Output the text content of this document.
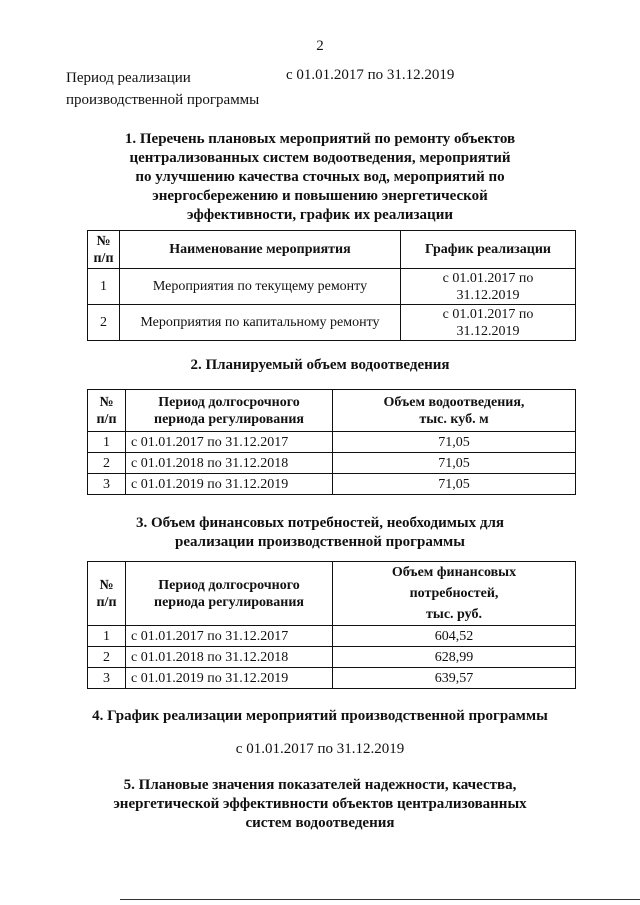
2
Период реализации
производственной программы
с 01.01.2017 по 31.12.2019
1. Перечень плановых мероприятий по ремонту объектов
централизованных систем водоотведения, мероприятий
по улучшению качества сточных вод, мероприятий по
энергосбережению и повышению энергетической
эффективности, график их реализации
№
п/п	Наименование мероприятия	График реализации
1	Мероприятия по текущему ремонту	с 01.01.2017 по
31.12.2019
2	Мероприятия по капитальному ремонту	с 01.01.2017 по
31.12.2019
2. Планируемый объем водоотведения
№
п/п	Период долгосрочного
периода регулирования	Объем водоотведения,
тыс. куб. м
1	с 01.01.2017 по 31.12.2017	71,05
2	с 01.01.2018 по 31.12.2018	71,05
3	с 01.01.2019 по 31.12.2019	71,05
3. Объем финансовых потребностей, необходимых для
реализации производственной программы
№
п/п	Период долгосрочного
периода регулирования	Объем финансовых
потребностей,
тыс. руб.
1	с 01.01.2017 по 31.12.2017	604,52
2	с 01.01.2018 по 31.12.2018	628,99
3	с 01.01.2019 по 31.12.2019	639,57
4. График реализации мероприятий производственной программы
с 01.01.2017 по 31.12.2019
5. Плановые значения показателей надежности, качества,
энергетической эффективности объектов централизованных
систем водоотведения
